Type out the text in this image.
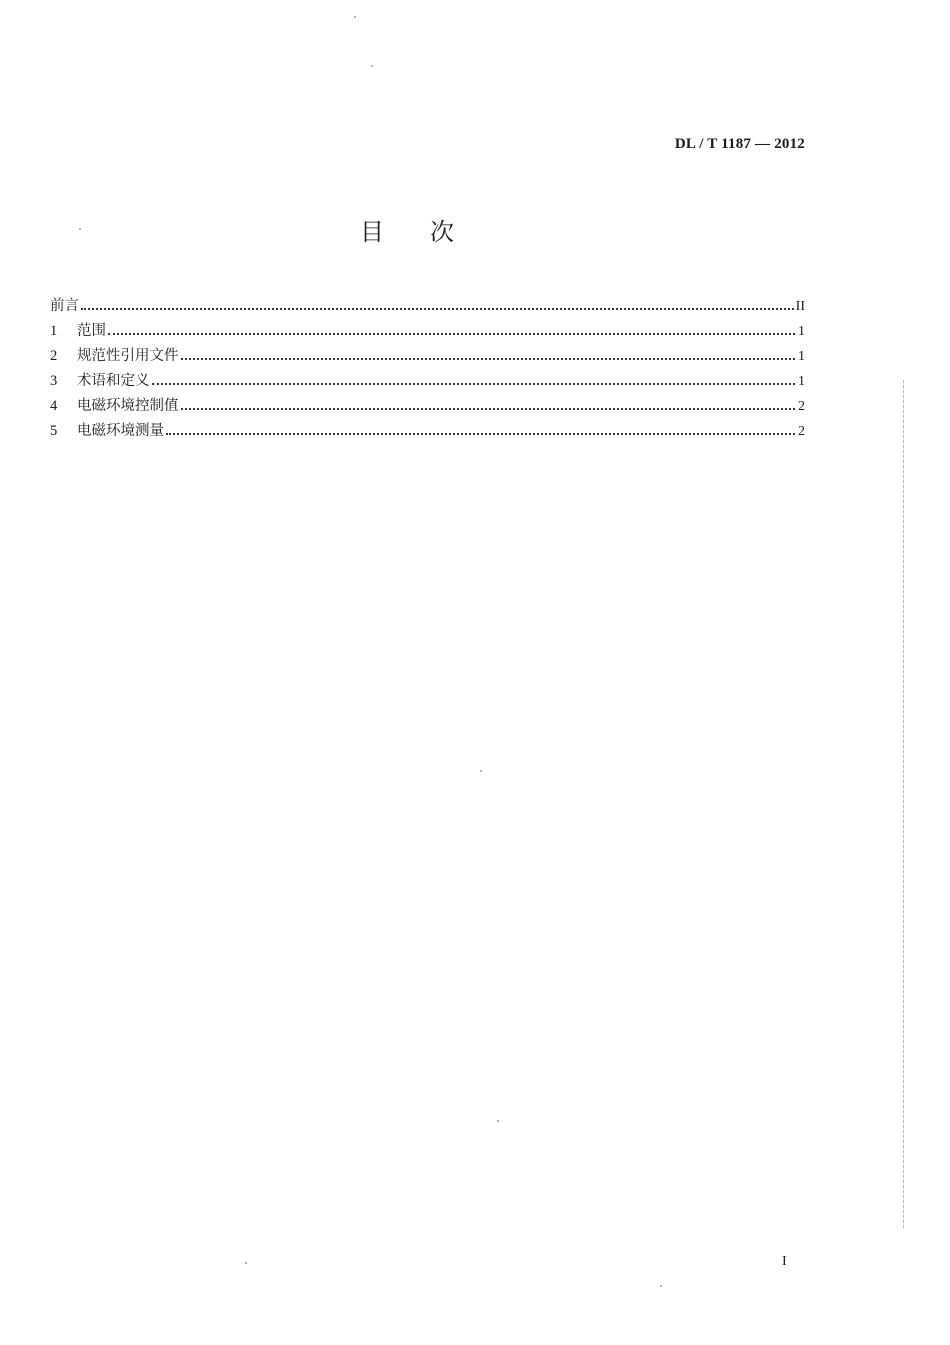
DL / T 1187 — 2012
目次
前言	II
1	范围	1
2	规范性引用文件	1
3	术语和定义	1
4	电磁环境控制值	2
5	电磁环境测量	2
I
